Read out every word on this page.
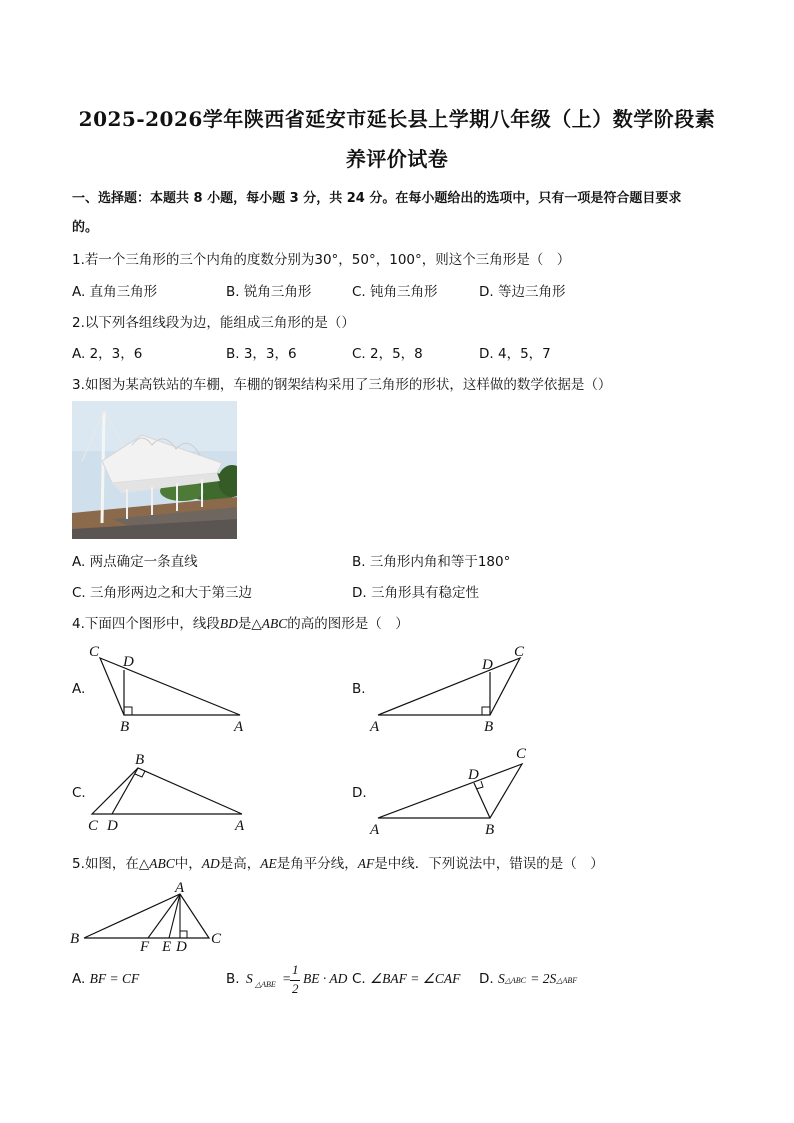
2025-2026学年陕西省延安市延长县上学期八年级（上）数学阶段素
养评价试卷
一、选择题：本题共 8 小题，每小题 3 分，共 24 分。在每小题给出的选项中，只有一项是符合题目要求
的。
1.若一个三角形的三个内角的度数分别为30°，50°，100°，则这个三角形是（　）
A. 直角三角形	B. 锐角三角形	C. 钝角三角形	D. 等边三角形
2.以下列各组线段为边，能组成三角形的是（）
A. 2，3，6	B. 3，3，6	C. 2，5，8	D. 4，5，7
3.如图为某高铁站的车棚，车棚的钢架结构采用了三角形的形状，这样做的数学依据是（）
A. 两点确定一条直线	B. 三角形内角和等于180°
C. 三角形两边之和大于第三边	D. 三角形具有稳定性
4.下面四个图形中，线段BD是△ABC的高的图形是（　）
A.
C
D
B	A
B.
D
C
A	B
C.
B
C D	A
D.
C
D
A	B
5.如图，在△ABC中，AD是高，AE是角平分线，AF是中线．下列说法中，错误的是（　）
A
B	F E D C
A. BF = CF	B. S △ABE =
1
2
BE · AD C. ∠BAF = ∠CAF D. S△ABC = 2S△ABF
